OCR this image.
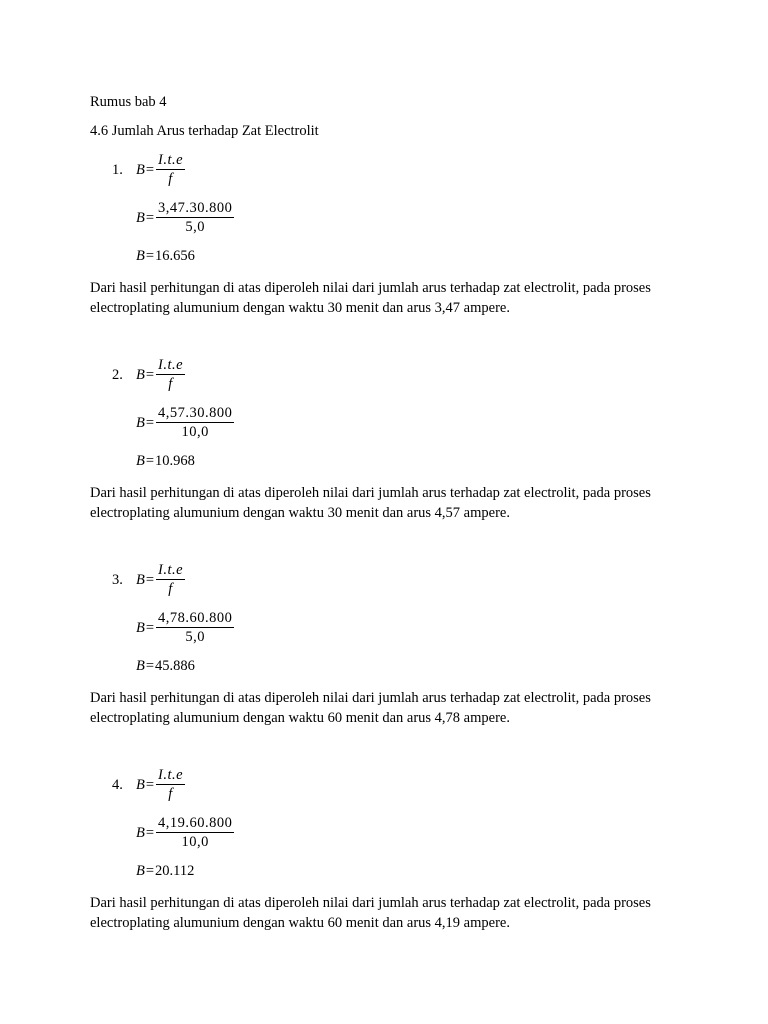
Rumus bab 4
4.6 Jumlah Arus terhadap Zat Electrolit
1. $B = \frac{I.t.e}{f}$
$B = \frac{3,47.30.800}{5,0}$
B = 16.656
Dari hasil perhitungan di atas diperoleh nilai dari jumlah arus terhadap zat electrolit, pada proses electroplating alumunium dengan waktu 30 menit dan arus 3,47 ampere.
2. $B = \frac{I.t.e}{f}$
$B = \frac{4,57.30.800}{10,0}$
B = 10.968
Dari hasil perhitungan di atas diperoleh nilai dari jumlah arus terhadap zat electrolit, pada proses electroplating alumunium dengan waktu 30 menit dan arus 4,57 ampere.
3. $B = \frac{I.t.e}{f}$
$B = \frac{4,78.60.800}{5,0}$
B = 45.886
Dari hasil perhitungan di atas diperoleh nilai dari jumlah arus terhadap zat electrolit, pada proses electroplating alumunium dengan waktu 60 menit dan arus 4,78 ampere.
4. $B = \frac{I.t.e}{f}$
$B = \frac{4,19.60.800}{10,0}$
B = 20.112
Dari hasil perhitungan di atas diperoleh nilai dari jumlah arus terhadap zat electrolit, pada proses electroplating alumunium dengan waktu 60 menit dan arus 4,19 ampere.
